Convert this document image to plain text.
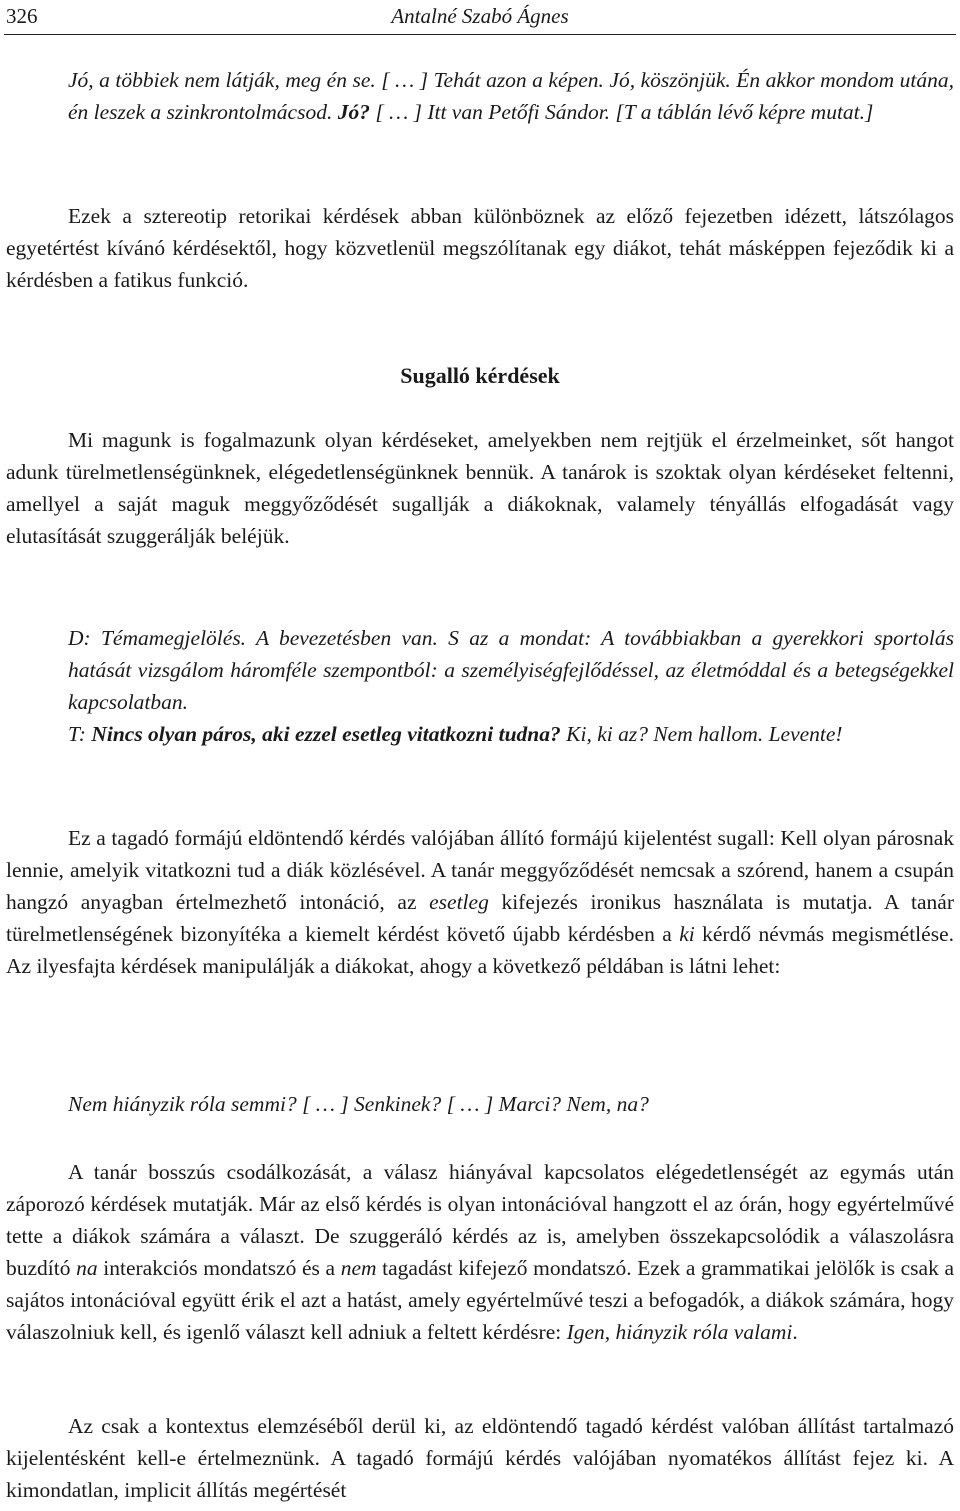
326	Antalné Szabó Ágnes

Jó, a többiek nem látják, meg én se. [ … ] Tehát azon a képen. Jó, köszönjük. Én akkor mondom utána, én leszek a szinkrontolmácsod. Jó? [ … ] Itt van Petőfi Sándor. [T a táblán lévő képre mutat.]

Ezek a sztereotip retorikai kérdések abban különböznek az előző fejezetben idézett, látszólagos egyetértést kívánó kérdésektől, hogy közvetlenül megszólítanak egy diákot, tehát másképpen fejeződik ki a kérdésben a fatikus funkció.

Sugalló kérdések

Mi magunk is fogalmazunk olyan kérdéseket, amelyekben nem rejtjük el érzelmeinket, sőt hangot adunk türelmetlenségünknek, elégedetlenségünknek bennük. A tanárok is szoktak olyan kérdéseket feltenni, amellyel a saját maguk meggyőződését sugallják a diákoknak, valamely tényállás elfogadását vagy elutasítását szuggerálják beléjük.

D: Témamegjelölés. A bevezetésben van. S az a mondat: A továbbiakban a gyerekkori sportolás hatását vizsgálom háromféle szempontból: a személyiségfejlődéssel, az életmóddal és a betegségekkel kapcsolatban.
T: Nincs olyan páros, aki ezzel esetleg vitatkozni tudna? Ki, ki az? Nem hallom. Levente!

Ez a tagadó formájú eldöntendő kérdés valójában állító formájú kijelentést sugall: Kell olyan párosnak lennie, amelyik vitatkozni tud a diák közlésével. A tanár meggyőződését nemcsak a szórend, hanem a csupán hangzó anyagban értelmezhető intonáció, az esetleg kifejezés ironikus használata is mutatja. A tanár türelmetlenségének bizonyítéka a kiemelt kérdést követő újabb kérdésben a ki kérdő névmás megismétlése. Az ilyesfajta kérdések manipulálják a diákokat, ahogy a következő példában is látni lehet:

Nem hiányzik róla semmi? [ … ] Senkinek? [ … ] Marci? Nem, na?

A tanár bosszús csodálkozását, a válasz hiányával kapcsolatos elégedetlenségét az egymás után záporozó kérdések mutatják. Már az első kérdés is olyan intonációval hangzott el az órán, hogy egyértelművé tette a diákok számára a választ. De szuggeráló kérdés az is, amelyben összekapcsolódik a válaszolásra buzdító na interakciós mondatszó és a nem tagadást kifejező mondatszó. Ezek a grammatikai jelölők is csak a sajátos intonációval együtt érik el azt a hatást, amely egyértelművé teszi a befogadók, a diákok számára, hogy válaszolniuk kell, és igenlő választ kell adniuk a feltett kérdésre: Igen, hiányzik róla valami.

Az csak a kontextus elemzéséből derül ki, az eldöntendő tagadó kérdést valóban állítást tartalmazó kijelentésként kell-e értelmeznünk. A tagadó formájú kérdés valójában nyomatékos állítást fejez ki. A kimondatlan, implicit állítás megértését
